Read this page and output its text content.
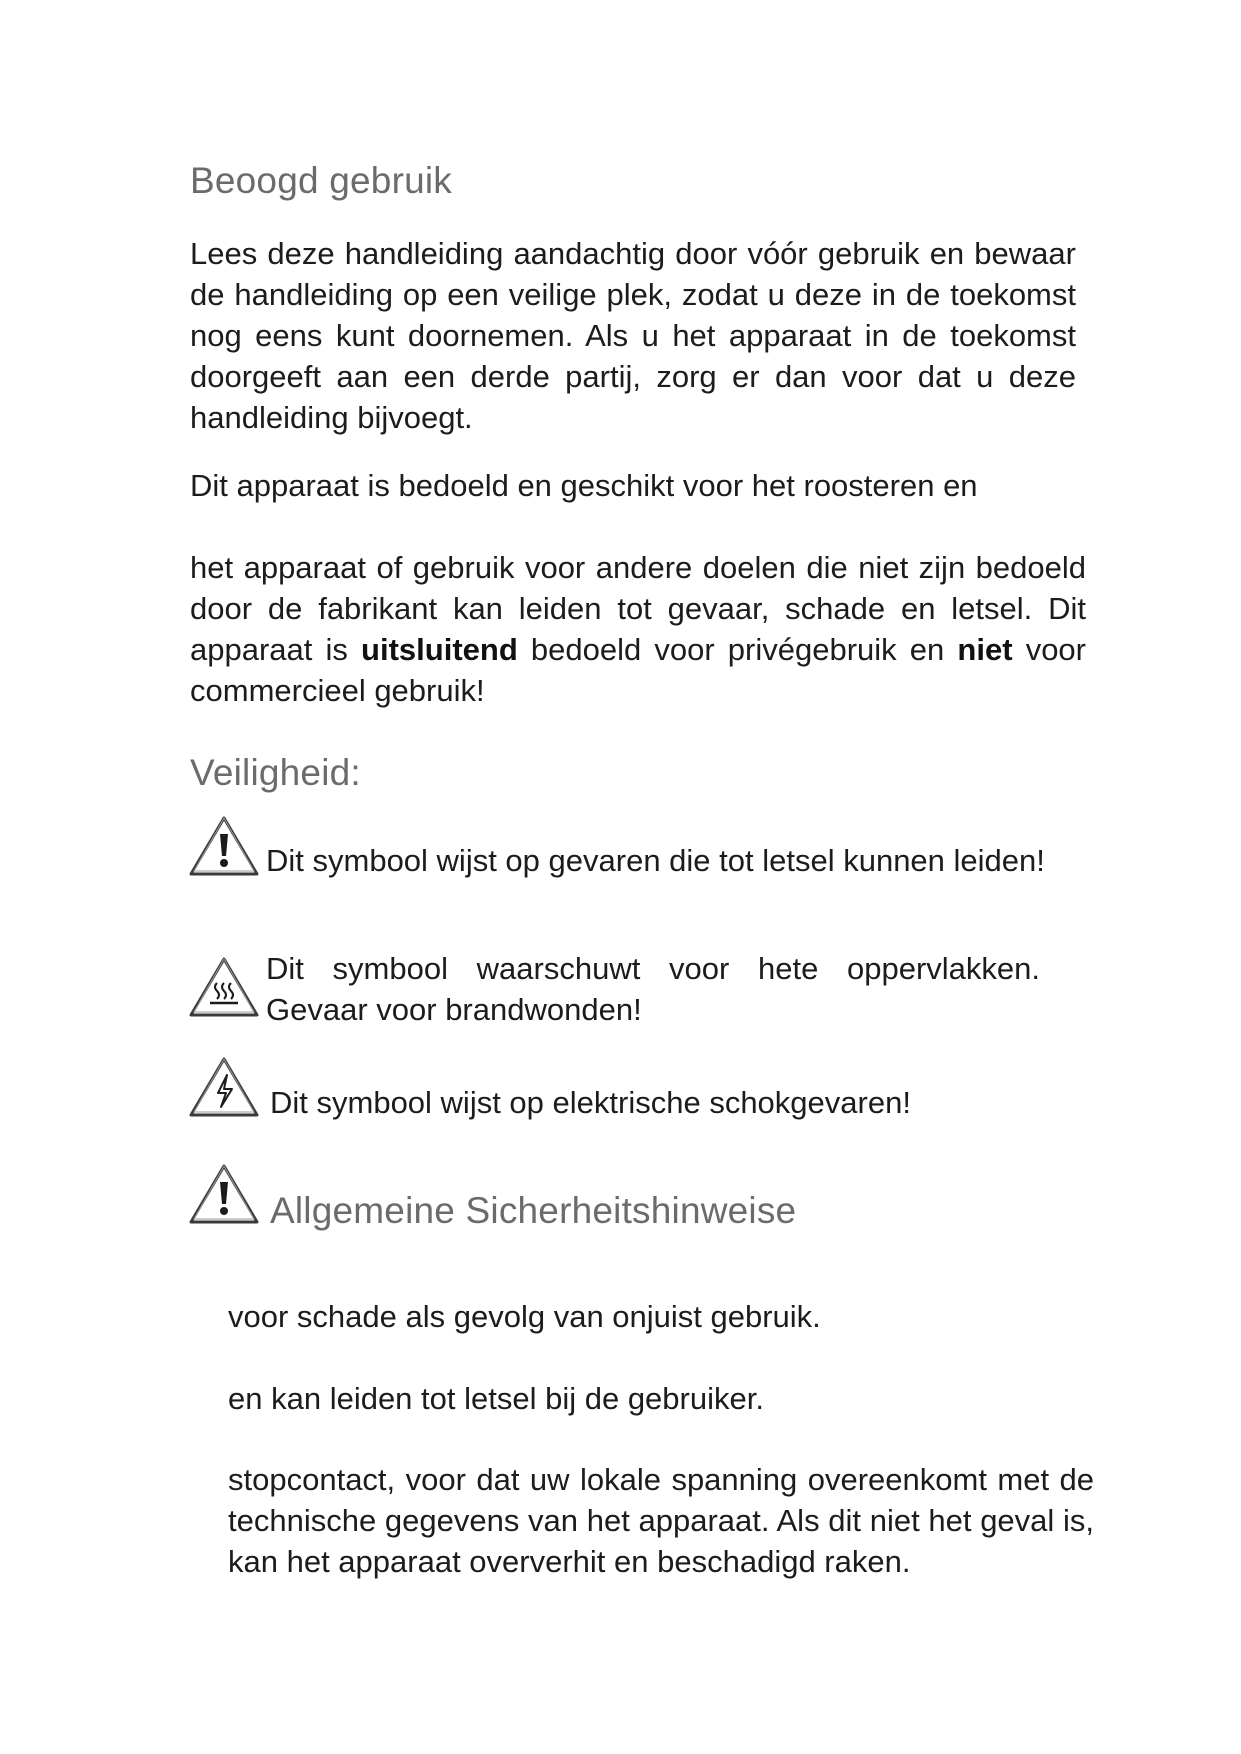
Beoogd gebruik

Lees deze handleiding aandachtig door vóór gebruik en bewaar de handleiding op een veilige plek, zodat u deze in de toekomst nog eens kunt doornemen. Als u het apparaat in de toekomst doorgeeft aan een derde partij, zorg er dan voor dat u deze handleiding bijvoegt.

Dit apparaat is bedoeld en geschikt voor het roosteren en

het apparaat of gebruik voor andere doelen die niet zijn bedoeld door de fabrikant kan leiden tot gevaar, schade en letsel. Dit apparaat is uitsluitend bedoeld voor privégebruik en niet voor commercieel gebruik!

Veiligheid:

Dit symbool wijst op gevaren die tot letsel kunnen leiden!

Dit symbool waarschuwt voor hete oppervlakken. Gevaar voor brandwonden!

Dit symbool wijst op elektrische schokgevaren!

Allgemeine Sicherheitshinweise

voor schade als gevolg van onjuist gebruik.

en kan leiden tot letsel bij de gebruiker.

stopcontact, voor dat uw lokale spanning overeenkomt met de technische gegevens van het apparaat. Als dit niet het geval is, kan het apparaat oververhit en beschadigd raken.
